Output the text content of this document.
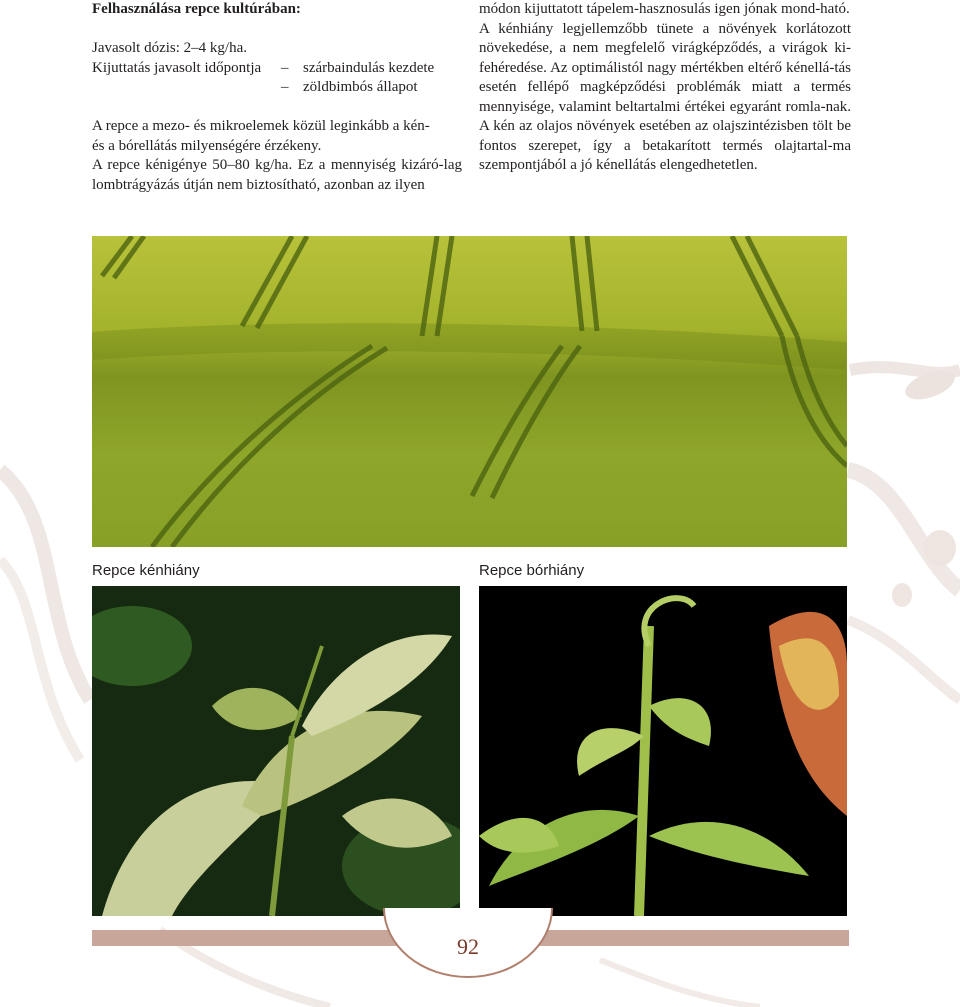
Felhasználása repce kultúrában:

Javasolt dózis: 2–4 kg/ha.

Kijuttatás javasolt időpontja	– szárbaindulás kezdete
– zöldbimbós állapot

A repce a mezo- és mikroelemek közül leginkább a kén-

és a bórellátás milyenségére érzékeny.

A repce kénigénye 50–80 kg/ha. Ez a mennyiség kizáró-lag lombtrágyázás útján nem biztosítható, azonban az ilyen

módon kijuttatott tápelem-hasznosulás igen jónak mond-ható.

A kénhiány legjellemzőbb tünete a növények korlátozott növekedése, a nem megfelelő virágképződés, a virágok ki-fehéredése. Az optimálistól nagy mértékben eltérő kénellá-tás esetén fellépő magképződési problémák miatt a termés mennyisége, valamint beltartalmi értékei egyaránt romla-nak. A kén az olajos növények esetében az olajszintézisben tölt be fontos szerepet, így a betakarított termés olajtartal-ma szempontjából a jó kénellátás elengedhetetlen.

Repce kénhiány	Repce bórhiány
92
